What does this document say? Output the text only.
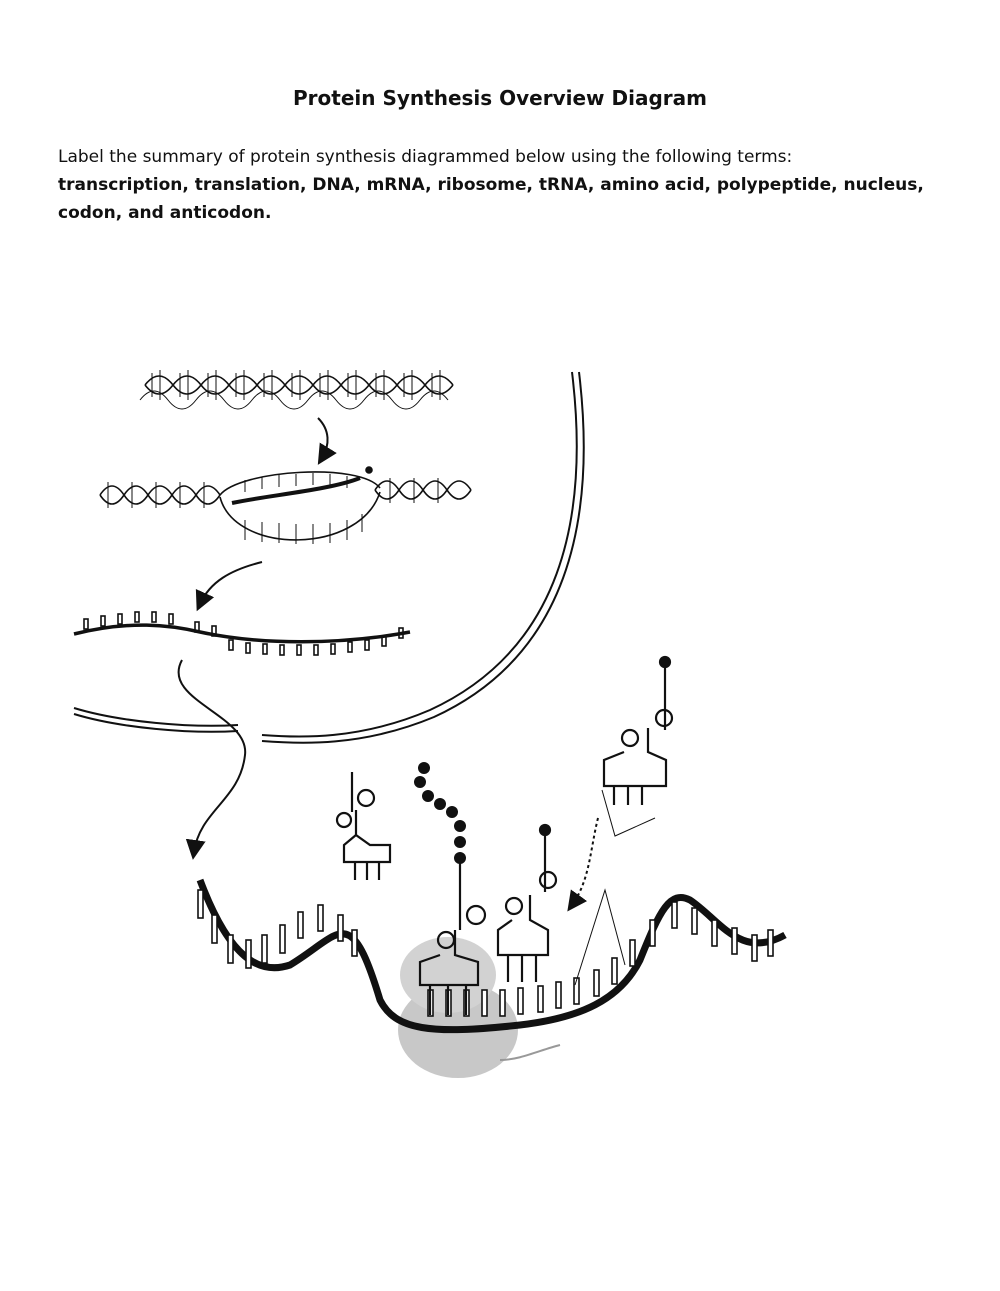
Protein Synthesis Overview Diagram
Label the summary of protein synthesis diagrammed below using the following terms:
transcription, translation, DNA, mRNA, ribosome, tRNA, amino acid, polypeptide, nucleus, codon, and anticodon.
